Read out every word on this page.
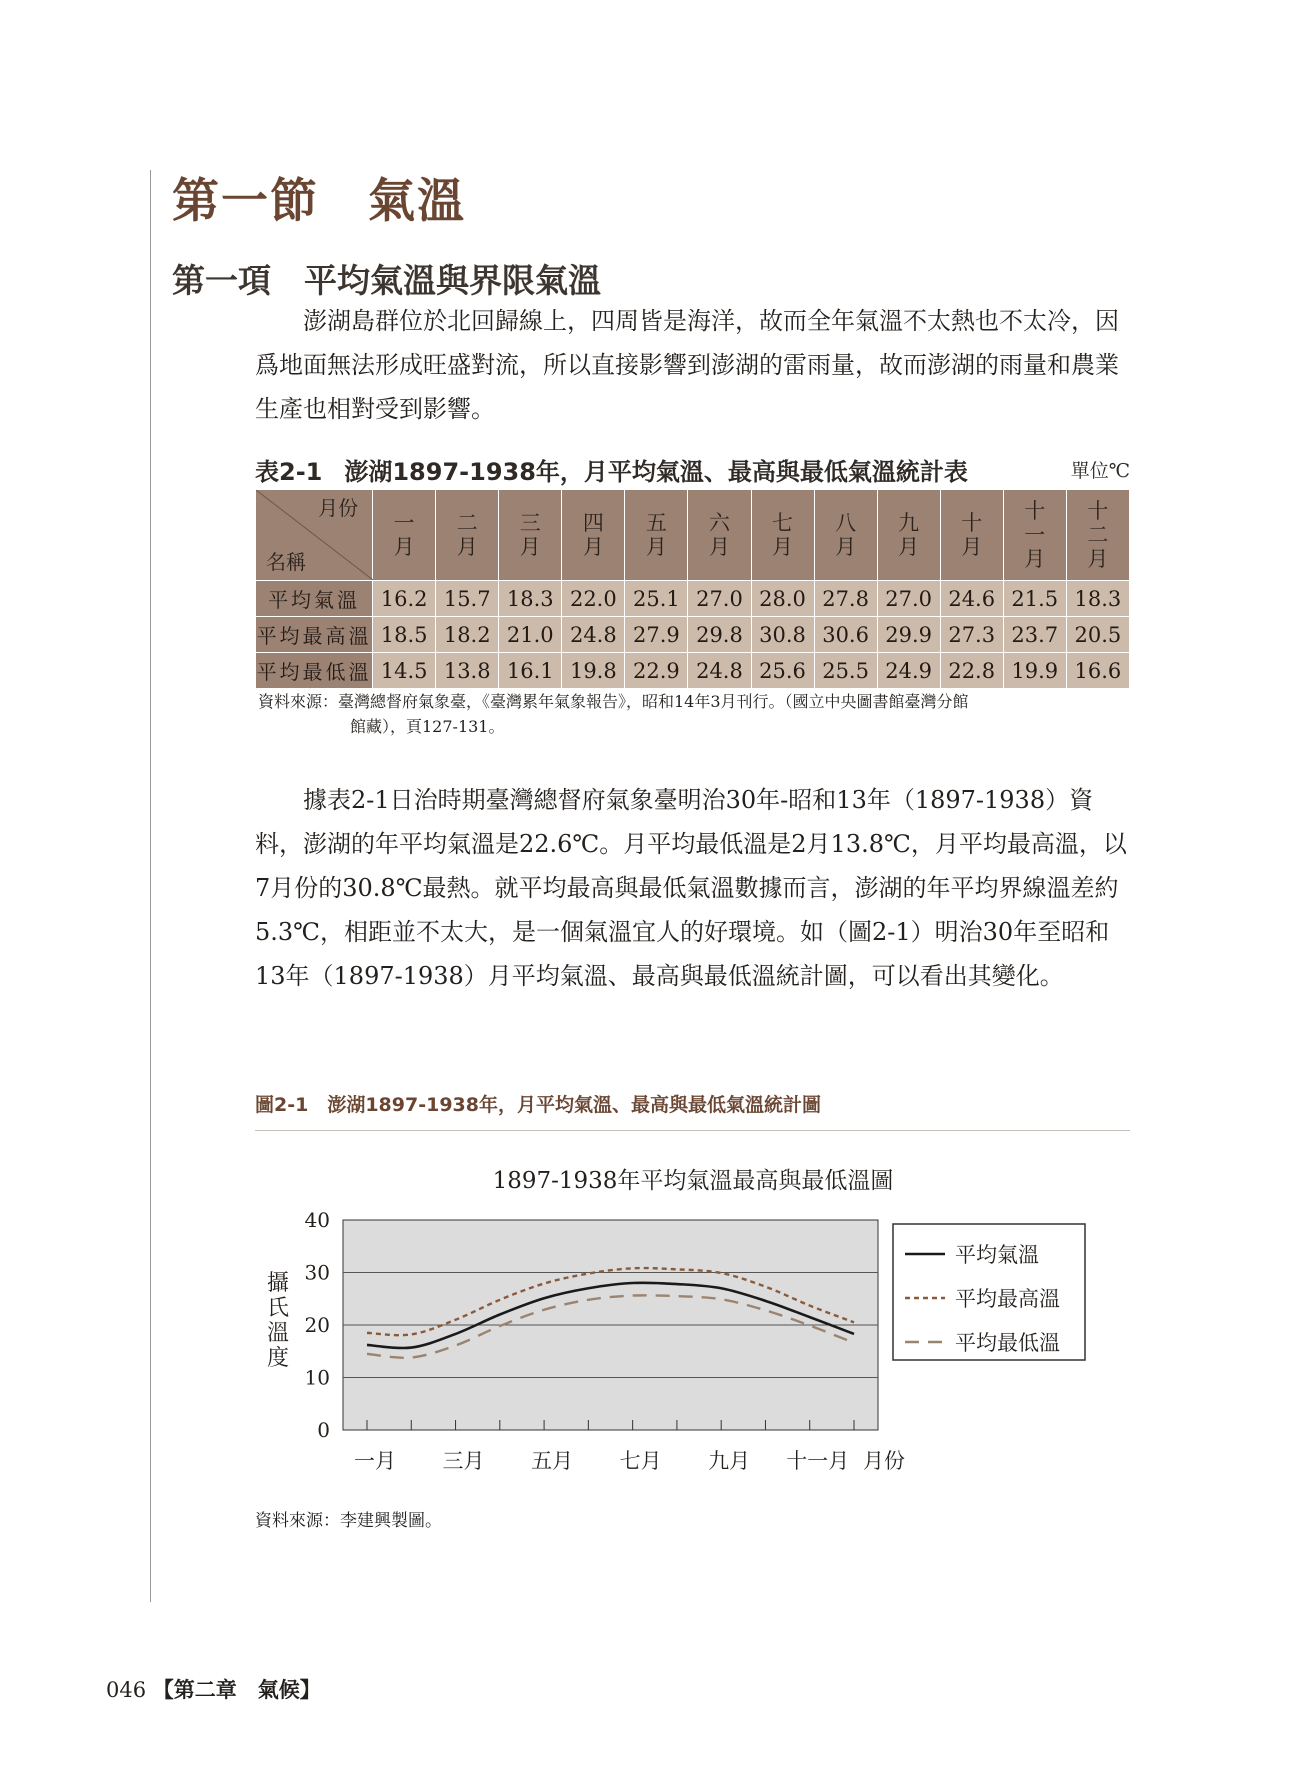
第一節　氣溫
第一項　平均氣溫與界限氣溫

澎湖島群位於北回歸線上，四周皆是海洋，故而全年氣溫不太熱也不太冷，因爲地面無法形成旺盛對流，所以直接影響到澎湖的雷雨量，故而澎湖的雨量和農業生產也相對受到影響。

表2-1 澎湖1897-1938年，月平均氣溫、最高與最低氣溫統計表	單位℃
月份
名稱	一月	二月	三月	四月	五月	六月	七月	八月	九月	十月	十一月	十二月
平均氣溫	16.2	15.7	18.3	22.0	25.1	27.0	28.0	27.8	27.0	24.6	21.5	18.3
平均最高溫	18.5	18.2	21.0	24.8	27.9	29.8	30.8	30.6	29.9	27.3	23.7	20.5
平均最低溫	14.5	13.8	16.1	19.8	22.9	24.8	25.6	25.5	24.9	22.8	19.9	16.6
資料來源：臺灣總督府氣象臺，《臺灣累年氣象報告》，昭和14年3月刊行。（國立中央圖書館臺灣分館
館藏），頁127-131。

據表2-1日治時期臺灣總督府氣象臺明治30年-昭和13年（1897-1938）資料，澎湖的年平均氣溫是22.6℃。月平均最低溫是2月13.8℃，月平均最高溫，以7月份的30.8℃最熱。就平均最高與最低氣溫數據而言，澎湖的年平均界線溫差約5.3℃，相距並不太大，是一個氣溫宜人的好環境。如（圖2-1）明治30年至昭和13年（1897-1938）月平均氣溫、最高與最低溫統計圖，可以看出其變化。

圖2-1　澎湖1897-1938年，月平均氣溫、最高與最低氣溫統計圖
1897-1938年平均氣溫最高與最低溫圖
0
10
20
30
40
一月 三月 五月 七月 九月 十一月 月份
攝氏溫度
平均氣溫
平均最高溫
平均最低溫
資料來源：李建興製圖。
046 【第二章　氣候】
